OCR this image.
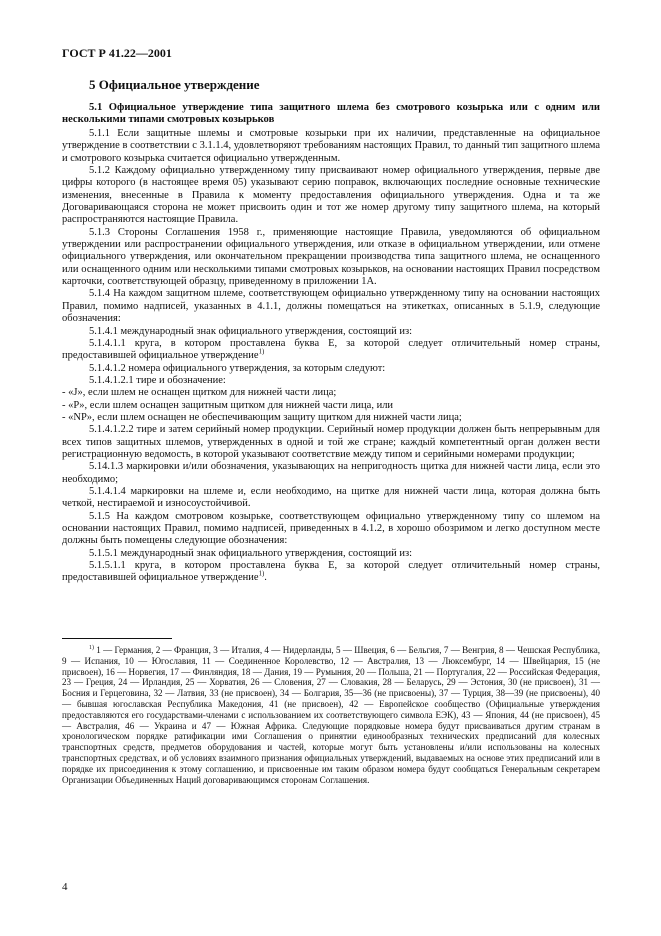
ГОСТ Р 41.22—2001
5 Официальное утверждение
5.1 Официальное утверждение типа защитного шлема без смотрового козырька или с одним или несколькими типами смотровых козырьков

5.1.1 Если защитные шлемы и смотровые козырьки при их наличии, представленные на официальное утверждение в соответствии с 3.1.1.4, удовлетворяют требованиям настоящих Правил, то данный тип защитного шлема и смотрового козырька считается официально утвержденным.

5.1.2 Каждому официально утвержденному типу присваивают номер официального утверждения, первые две цифры которого (в настоящее время 05) указывают серию поправок, включающих последние основные технические изменения, внесенные в Правила к моменту предоставления официального утверждения. Одна и та же Договаривающаяся сторона не может присвоить один и тот же номер другому типу защитного шлема, на который распространяются настоящие Правила.

5.1.3 Стороны Соглашения 1958 г., применяющие настоящие Правила, уведомляются об официальном утверждении или распространении официального утверждения, или отказе в официальном утверждении, или отмене официального утверждения, или окончательном прекращении производства типа защитного шлема, не оснащенного или оснащенного одним или несколькими типами смотровых козырьков, на основании настоящих Правил посредством карточки, соответствующей образцу, приведенному в приложении 1А.

5.1.4 На каждом защитном шлеме, соответствующем официально утвержденному типу на основании настоящих Правил, помимо надписей, указанных в 4.1.1, должны помещаться на этикетках, описанных в 5.1.9, следующие обозначения:

5.1.4.1 международный знак официального утверждения, состоящий из:

5.1.4.1.1 круга, в котором проставлена буква Е, за которой следует отличительный номер страны, предоставившей официальное утверждение$^{1)}$

5.1.4.1.2 номера официального утверждения, за которым следуют:

5.1.4.1.2.1 тире и обозначение:

- «J», если шлем не оснащен щитком для нижней части лица;

- «P», если шлем оснащен защитным щитком для нижней части лица, или

- «NP», если шлем оснащен не обеспечивающим защиту щитком для нижней части лица;

5.1.4.1.2.2 тире и затем серийный номер продукции. Серийный номер продукции должен быть непрерывным для всех типов защитных шлемов, утвержденных в одной и той же стране; каждый компетентный орган должен вести регистрационную ведомость, в которой указывают соответствие между типом и серийными номерами продукции;

5.14.1.3 маркировки и/или обозначения, указывающих на непригодность щитка для нижней части лица, если это необходимо;

5.1.4.1.4 маркировки на шлеме и, если необходимо, на щитке для нижней части лица, которая должна быть четкой, нестираемой и износоустойчивой.

5.1.5 На каждом смотровом козырьке, соответствующем официально утвержденному типу со шлемом на основании настоящих Правил, помимо надписей, приведенных в 4.1.2, в хорошо обозримом и легко доступном месте должны быть помещены следующие обозначения:

5.1.5.1 международный знак официального утверждения, состоящий из:

5.1.5.1.1 круга, в котором проставлена буква Е, за которой следует отличительный номер страны, предоставившей официальное утверждение$^{1)}$.

$^{1)}$ 1 — Германия, 2 — Франция, 3 — Италия, 4 — Нидерланды, 5 — Швеция, 6 — Бельгия, 7 — Венгрия, 8 — Чешская Республика, 9 — Испания, 10 — Югославия, 11 — Соединенное Королевство, 12 — Австралия, 13 — Люксембург, 14 — Швейцария, 15 (не присвоен), 16 — Норвегия, 17 — Финляндия, 18 — Дания, 19 — Румыния, 20 — Польша, 21 — Португалия, 22 — Российская Федерация, 23 — Греция, 24 — Ирландия, 25 — Хорватия, 26 — Словения, 27 — Словакия, 28 — Беларусь, 29 — Эстония, 30 (не присвоен), 31 — Босния и Герцеговина, 32 — Латвия, 33 (не присвоен), 34 — Болгария, 35—36 (не присвоены), 37 — Турция, 38—39 (не присвоены), 40 — бывшая югославская Республика Македония, 41 (не присвоен), 42 — Европейское сообщество (Официальные утверждения предоставляются его государствами-членами с использованием их соответствующего символа ЕЭК), 43 — Япония, 44 (не присвоен), 45 — Австралия, 46 — Украина и 47 — Южная Африка. Следующие порядковые номера будут присваиваться другим странам в хронологическом порядке ратификации ими Соглашения о принятии единообразных технических предписаний для колесных транспортных средств, предметов оборудования и частей, которые могут быть установлены и/или использованы на колесных транспортных средствах, и об условиях взаимного признания официальных утверждений, выдаваемых на основе этих предписаний или в порядке их присоединения к этому соглашению, и присвоенные им таким образом номера будут сообщаться Генеральным секретарем Организации Объединенных Наций договаривающимся сторонам Соглашения.

4
